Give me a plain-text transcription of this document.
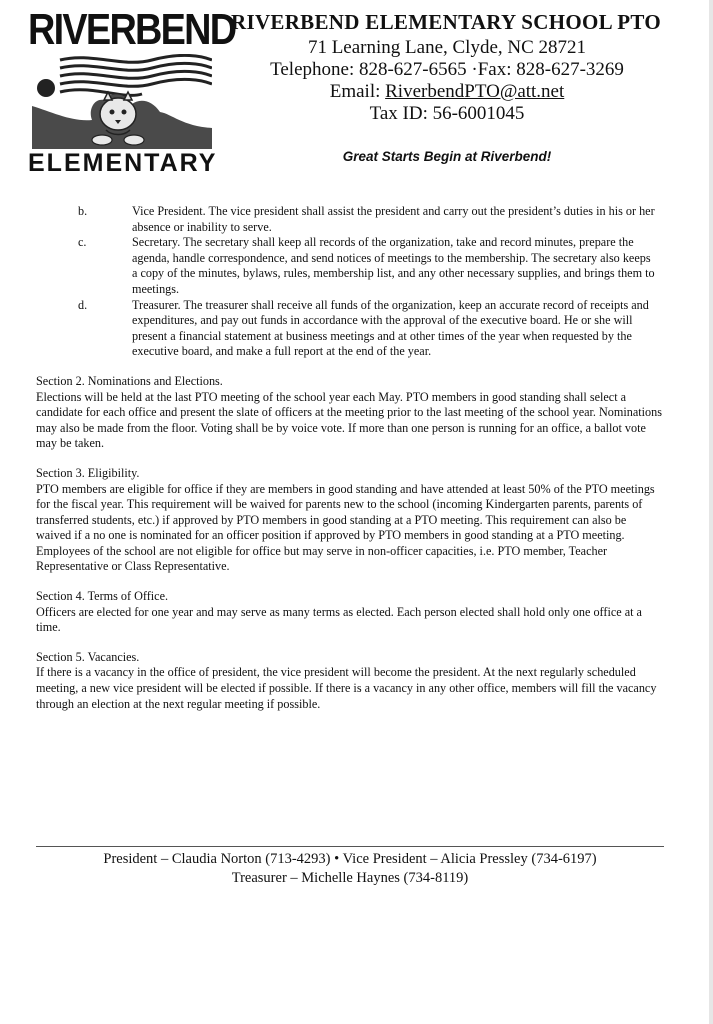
RIVERBEND
ELEMENTARY
RIVERBEND ELEMENTARY SCHOOL PTO
71 Learning Lane, Clyde, NC 28721
Telephone: 828-627-6565 ·Fax: 828-627-3269
Email: RiverbendPTO@att.net
Tax ID: 56-6001045
Great Starts Begin at Riverbend!
b.	Vice President. The vice president shall assist the president and carry out the president’s duties in his or her absence or inability to serve.
c.	Secretary. The secretary shall keep all records of the organization, take and record minutes, prepare the agenda, handle correspondence, and send notices of meetings to the membership. The secretary also keeps a copy of the minutes, bylaws, rules, membership list, and any other necessary supplies, and brings them to meetings.
d.	Treasurer. The treasurer shall receive all funds of the organization, keep an accurate record of receipts and expenditures, and pay out funds in accordance with the approval of the executive board. He or she will present a financial statement at business meetings and at other times of the year when requested by the executive board, and make a full report at the end of the year.
Section 2. Nominations and Elections.
Elections will be held at the last PTO meeting of the school year each May. PTO members in good standing shall select a candidate for each office and present the slate of officers at the meeting prior to the last meeting of the school year. Nominations may also be made from the floor. Voting shall be by voice vote. If more than one person is running for an office, a ballot vote may be taken.
Section 3. Eligibility.
PTO members are eligible for office if they are members in good standing and have attended at least 50% of the PTO meetings for the fiscal year. This requirement will be waived for parents new to the school (incoming Kindergarten parents, parents of transferred students, etc.) if approved by PTO members in good standing at a PTO meeting. This requirement can also be waived if a no one is nominated for an officer position if approved by PTO members in good standing at a PTO meeting. Employees of the school are not eligible for office but may serve in non-officer capacities, i.e. PTO member, Teacher Representative or Class Representative.
Section 4. Terms of Office.
Officers are elected for one year and may serve as many terms as elected. Each person elected shall hold only one office at a time.
Section 5. Vacancies.
If there is a vacancy in the office of president, the vice president will become the president. At the next regularly scheduled meeting, a new vice president will be elected if possible. If there is a vacancy in any other office, members will fill the vacancy through an election at the next regular meeting if possible.
President – Claudia Norton (713-4293) • Vice President – Alicia Pressley (734-6197)
Treasurer – Michelle Haynes (734-8119)
